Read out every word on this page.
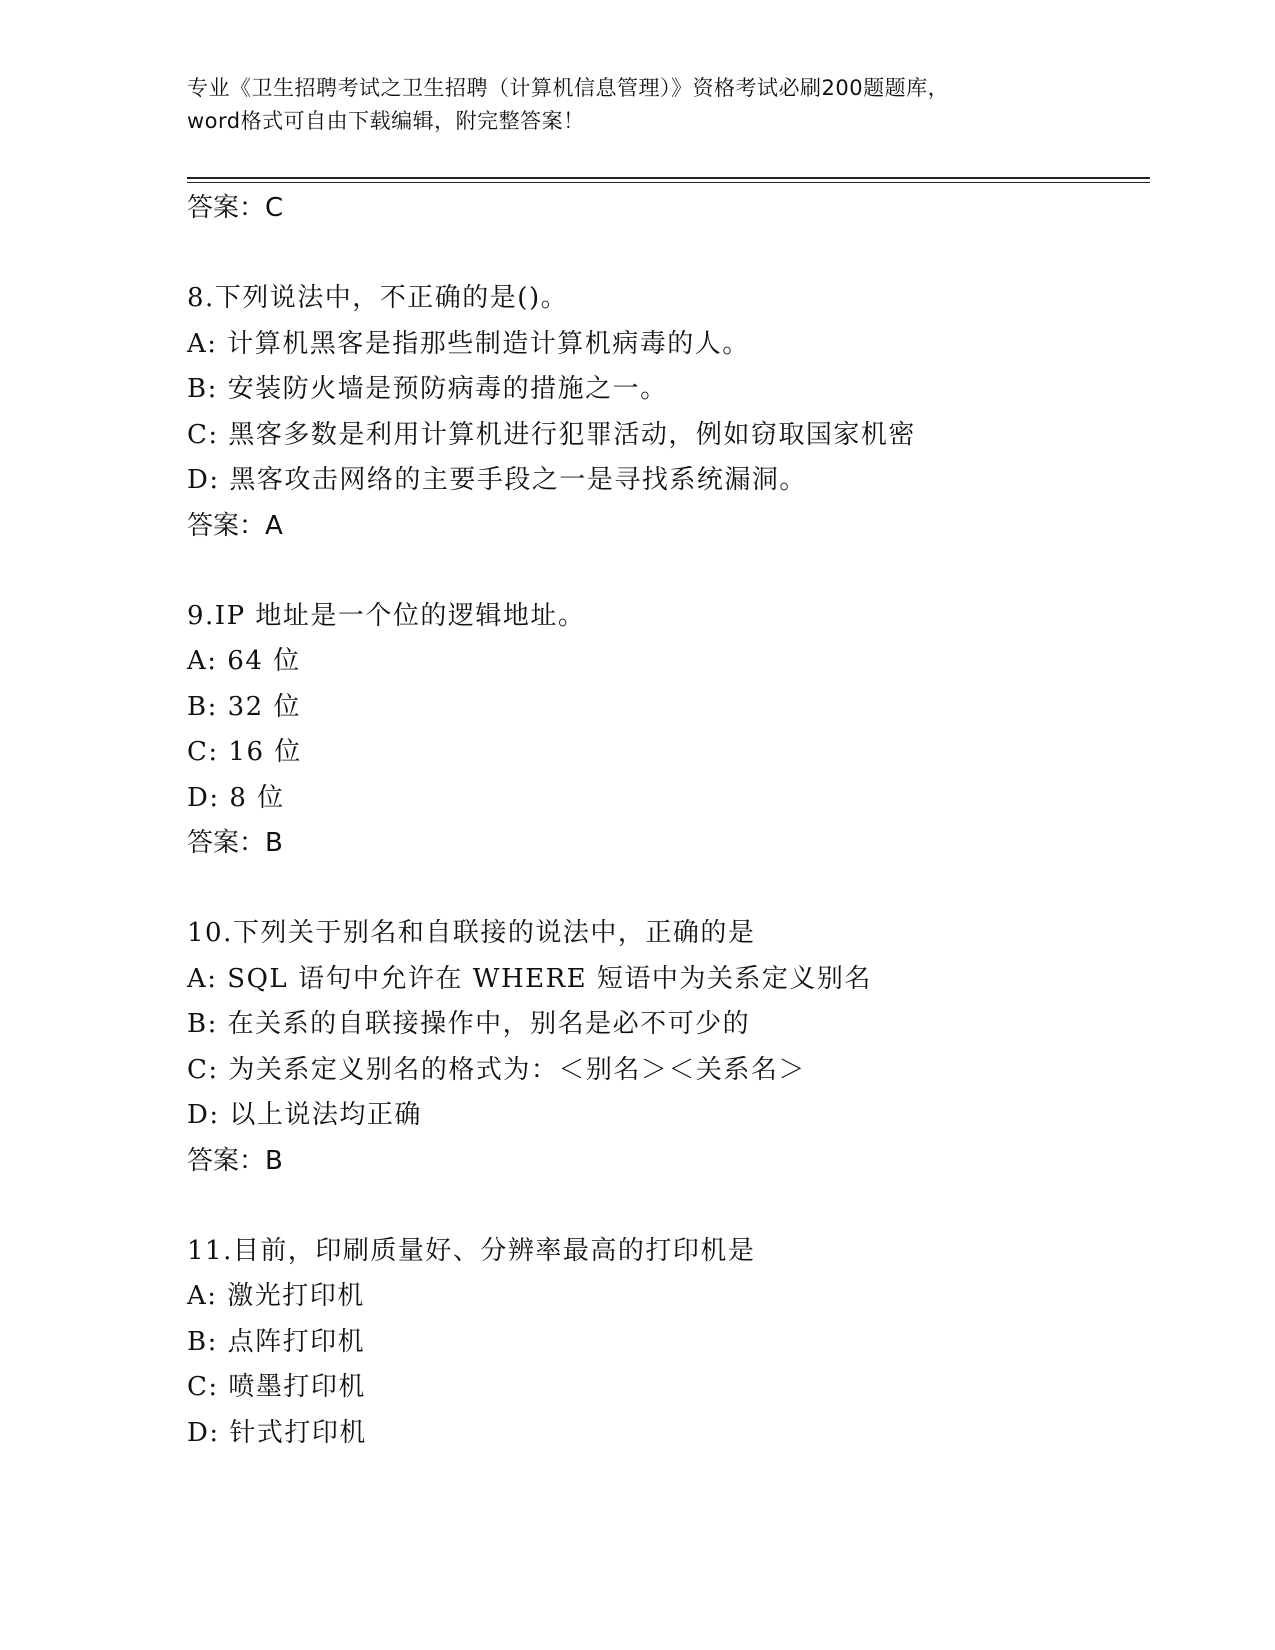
专业《卫生招聘考试之卫生招聘（计算机信息管理）》资格考试必刷200题题库，
word格式可自由下载编辑，附完整答案！
答案：C
8.下列说法中，不正确的是()。
A: 计算机黑客是指那些制造计算机病毒的人。
B: 安装防火墙是预防病毒的措施之一。
C: 黑客多数是利用计算机进行犯罪活动，例如窃取国家机密
D: 黑客攻击网络的主要手段之一是寻找系统漏洞。
答案：A
9.IP 地址是一个位的逻辑地址。
A: 64 位
B: 32 位
C: 16 位
D: 8 位
答案：B
10.下列关于别名和自联接的说法中，正确的是
A: SQL 语句中允许在 WHERE 短语中为关系定义别名
B: 在关系的自联接操作中，别名是必不可少的
C: 为关系定义别名的格式为：＜别名＞＜关系名＞
D: 以上说法均正确
答案：B
11.目前，印刷质量好、分辨率最高的打印机是
A: 激光打印机
B: 点阵打印机
C: 喷墨打印机
D: 针式打印机
